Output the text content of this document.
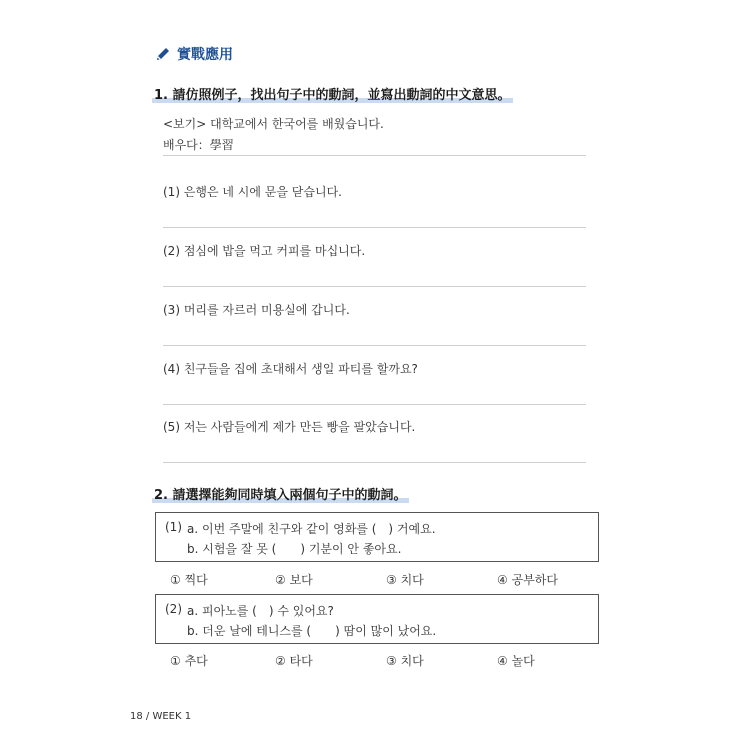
實戰應用
1. 請仿照例子，找出句子中的動詞，並寫出動詞的中文意思。
<보기> 대학교에서 한국어를 배웠습니다.
배우다：學習
(1) 은행은 네 시에 문을 닫습니다.
(2) 점심에 밥을 먹고 커피를 마십니다.
(3) 머리를 자르러 미용실에 갑니다.
(4) 친구들을 집에 초대해서 생일 파티를 할까요?
(5) 저는 사람들에게 제가 만든 빵을 팔았습니다.
2. 請選擇能夠同時填入兩個句子中的動詞。
(1) a. 이번 주말에 친구와 같이 영화를 (　) 거예요.
b. 시험을 잘 못 (　　) 기분이 안 좋아요.
① 찍다	② 보다	③ 치다	④ 공부하다
(2) a. 피아노를 (　) 수 있어요?
b. 더운 날에 테니스를 (　　) 땀이 많이 났어요.
① 추다	② 타다	③ 치다	④ 놀다
18 / WEEK 1
